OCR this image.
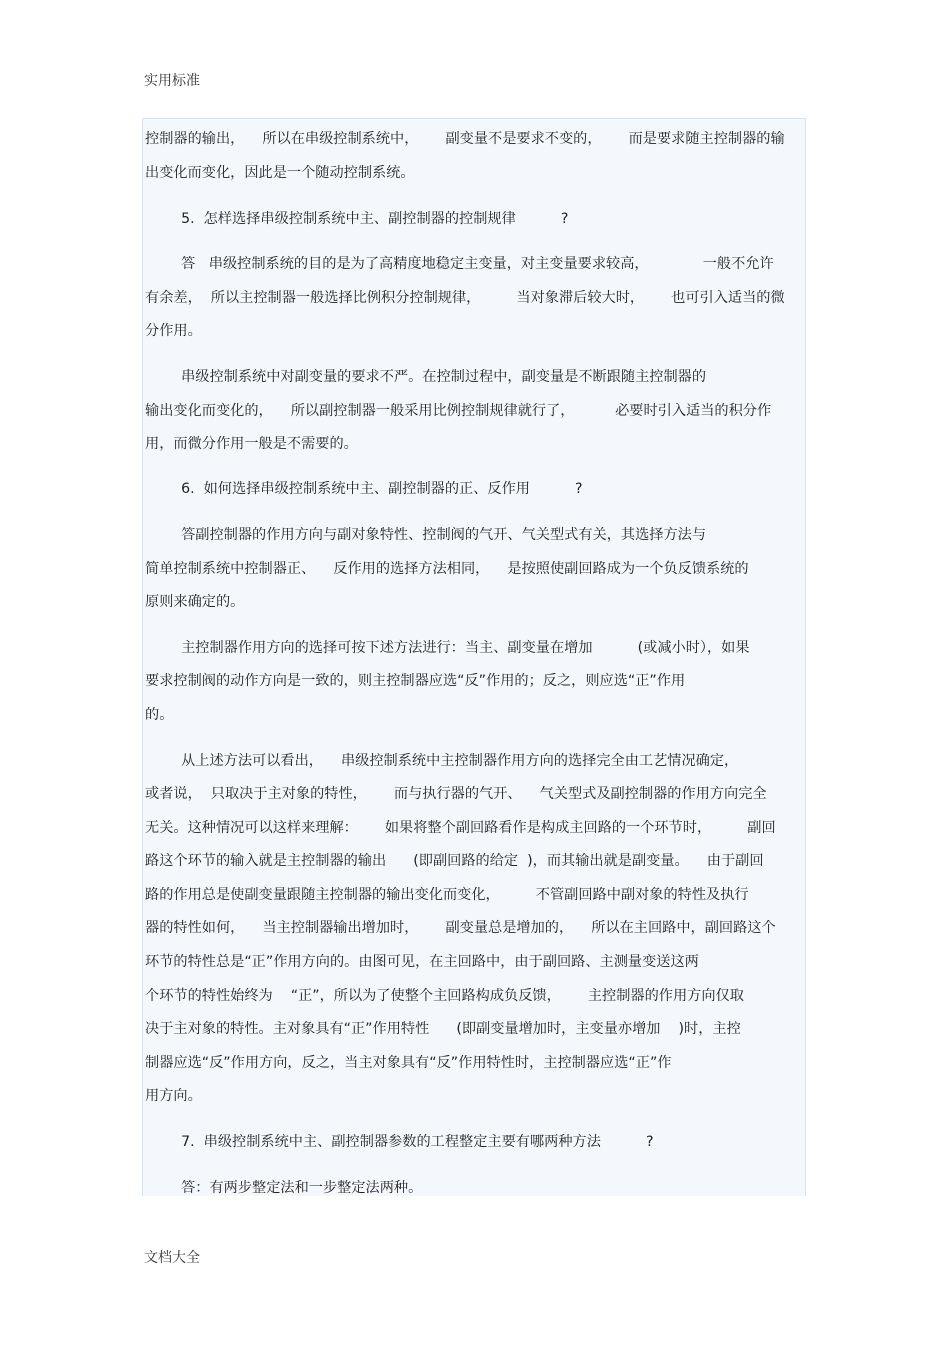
实用标准
控制器的输出，    所以在串级控制系统中，      副变量不是要求不变的，      而是要求随主控制器的输
出变化而变化，因此是一个随动控制系统。
5.  怎样选择串级控制系统中主、副控制器的控制规律          ?
答   串级控制系统的目的是为了高精度地稳定主变量，对主变量要求较高，            一般不允许
有余差，  所以主控制器一般选择比例积分控制规律，        当对象滞后较大时，      也可引入适当的微
分作用。
串级控制系统中对副变量的要求不严。在控制过程中，副变量是不断跟随主控制器的
输出变化而变化的，    所以副控制器一般采用比例控制规律就行了，         必要时引入适当的积分作
用，而微分作用一般是不需要的。
6.  如何选择串级控制系统中主、副控制器的正、反作用          ?
答副控制器的作用方向与副对象特性、控制阀的气开、气关型式有关，其选择方法与
简单控制系统中控制器正、    反作用的选择方法相同，    是按照使副回路成为一个负反馈系统的
原则来确定的。
主控制器作用方向的选择可按下述方法进行：当主、副变量在增加          (或减小时），如果
要求控制阀的动作方向是一致的，则主控制器应选“反”作用的；反之，则应选“正”作用
的。
从上述方法可以看出，    串级控制系统中主控制器作用方向的选择完全由工艺情况确定，
或者说，  只取决于主对象的特性，      而与执行器的气开、    气关型式及副控制器的作用方向完全
无关。这种情况可以这样来理解：      如果将整个副回路看作是构成主回路的一个环节时，        副回
路这个环节的输入就是主控制器的输出      (即副回路的给定  )，而其输出就是副变量。    由于副回
路的作用总是使副变量跟随主控制器的输出变化而变化，        不管副回路中副对象的特性及执行
器的特性如何，    当主控制器输出增加时，      副变量总是增加的，    所以在主回路中，副回路这个
环节的特性总是“正”作用方向的。由图可见，在主回路中，由于副回路、主测量变送这两
个环节的特性始终为    “正”，所以为了使整个主回路构成负反馈，      主控制器的作用方向仅取
决于主对象的特性。主对象具有“正”作用特性      (即副变量增加时，主变量亦增加    )时，主控
制器应选“反”作用方向，反之，当主对象具有“反”作用特性时，主控制器应选“正”作
用方向。
7.  串级控制系统中主、副控制器参数的工程整定主要有哪两种方法          ?
答：有两步整定法和一步整定法两种。
文档大全
